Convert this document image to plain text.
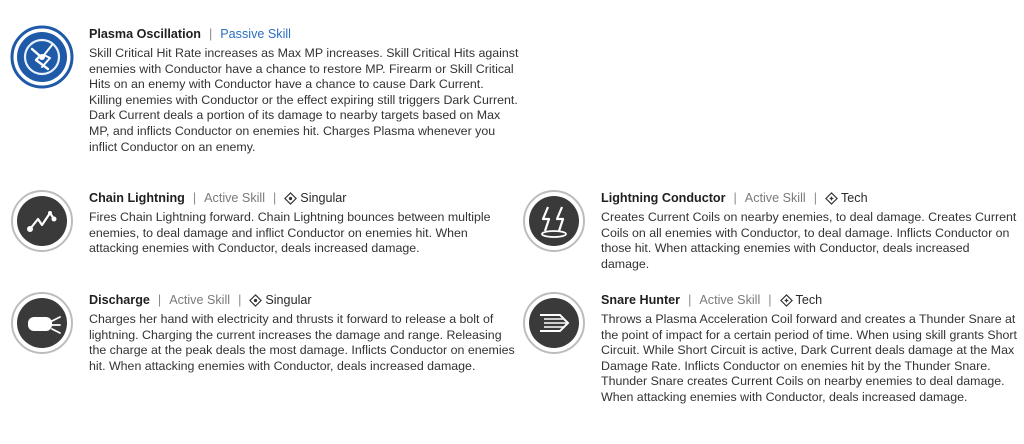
Plasma Oscillation | Passive Skill
Skill Critical Hit Rate increases as Max MP increases. Skill Critical Hits against enemies with Conductor have a chance to restore MP. Firearm or Skill Critical Hits on an enemy with Conductor have a chance to cause Dark Current. Killing enemies with Conductor or the effect expiring still triggers Dark Current. Dark Current deals a portion of its damage to nearby targets based on Max MP, and inflicts Conductor on enemies hit. Charges Plasma whenever you inflict Conductor on an enemy.
Chain Lightning | Active Skill | Singular
Fires Chain Lightning forward. Chain Lightning bounces between multiple enemies, to deal damage and inflict Conductor on enemies hit. When attacking enemies with Conductor, deals increased damage.
Lightning Conductor | Active Skill | Tech
Creates Current Coils on nearby enemies, to deal damage. Creates Current Coils on all enemies with Conductor, to deal damage. Inflicts Conductor on those hit. When attacking enemies with Conductor, deals increased damage.
Discharge | Active Skill | Singular
Charges her hand with electricity and thrusts it forward to release a bolt of lightning. Charging the current increases the damage and range. Releasing the charge at the peak deals the most damage. Inflicts Conductor on enemies hit. When attacking enemies with Conductor, deals increased damage.
Snare Hunter | Active Skill | Tech
Throws a Plasma Acceleration Coil forward and creates a Thunder Snare at the point of impact for a certain period of time. When using skill grants Short Circuit. While Short Circuit is active, Dark Current deals damage at the Max Damage Rate. Inflicts Conductor on enemies hit by the Thunder Snare. Thunder Snare creates Current Coils on nearby enemies to deal damage. When attacking enemies with Conductor, deals increased damage.
